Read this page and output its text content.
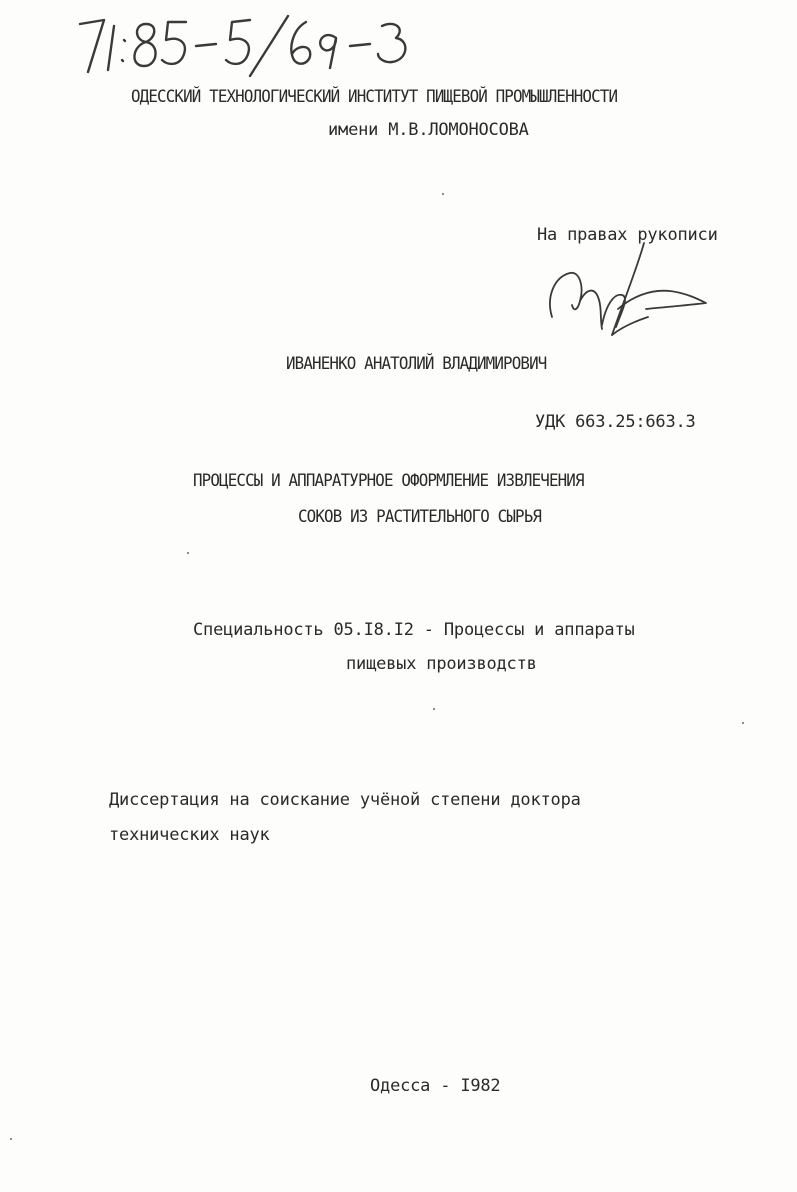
ОДЕССКИЙ ТЕХНОЛОГИЧЕСКИЙ ИНСТИТУТ ПИЩЕВОЙ ПРОМЫШЛЕННОСТИ
имени М.В.ЛОМОНОСОВА
На правах рукописи
ИВАНЕНКО АНАТОЛИЙ ВЛАДИМИРОВИЧ
УДК 663.25:663.3
ПРОЦЕССЫ И АППАРАТУРНОЕ ОФОРМЛЕНИЕ ИЗВЛЕЧЕНИЯ
СОКОВ ИЗ РАСТИТЕЛЬНОГО СЫРЬЯ
Специальность 05.I8.I2 - Процессы и аппараты
пищевых производств
Диссертация на соискание учёной степени доктора
технических наук
Одесса - I982
